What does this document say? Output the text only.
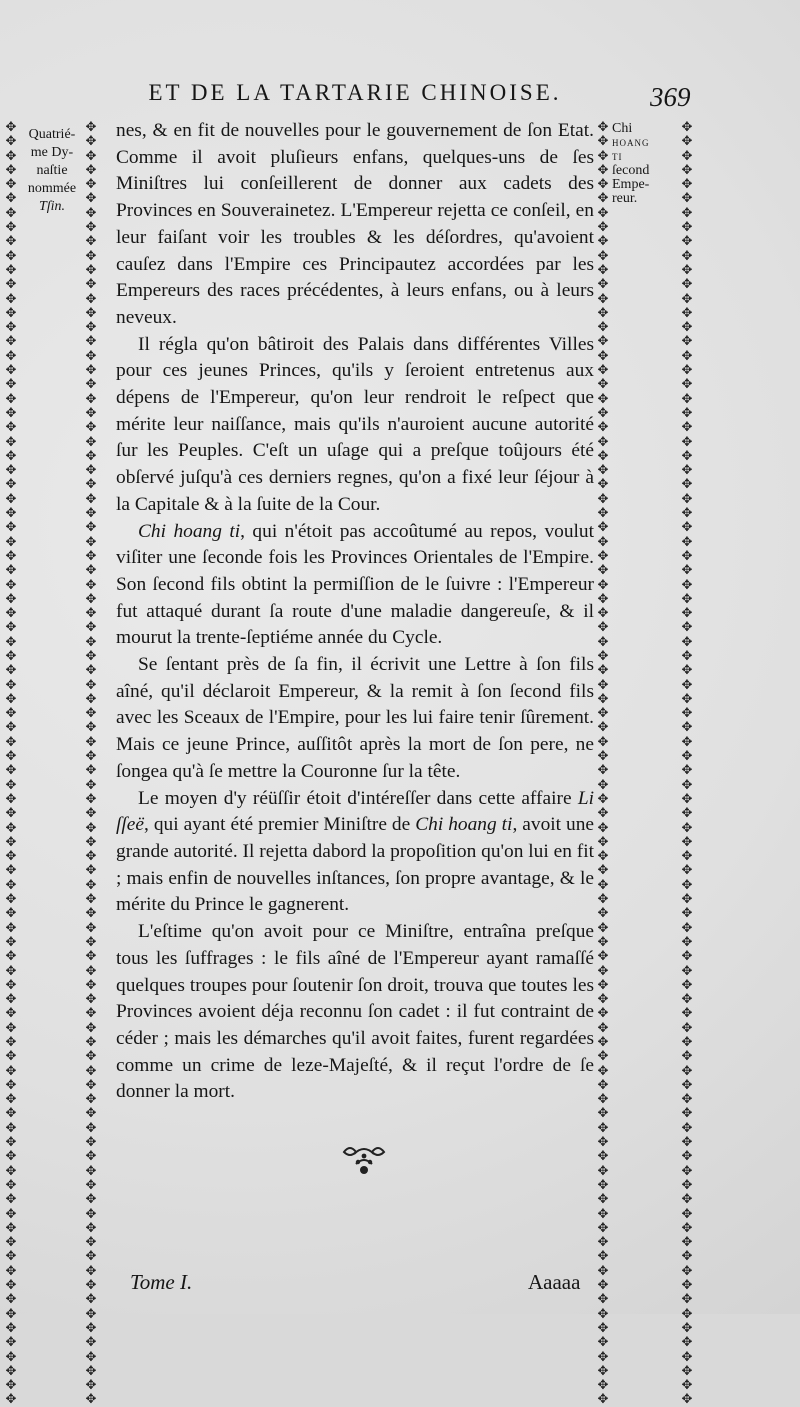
ET DE LA TARTARIE CHINOISE.	369
✥ ✥ ✥ ✥ ✥ ✥ ✥ ✥ ✥ ✥ ✥ ✥ ✥ ✥ ✥ ✥ ✥ ✥ ✥ ✥ ✥ ✥ ✥ ✥ ✥ ✥ ✥ ✥ ✥ ✥ ✥ ✥ ✥ ✥ ✥ ✥ ✥ ✥ ✥ ✥ ✥ ✥ ✥ ✥ ✥ ✥ ✥ ✥ ✥ ✥ ✥ ✥ ✥ ✥ ✥ ✥ ✥ ✥ ✥ ✥ ✥ ✥ ✥ ✥ ✥ ✥ ✥ ✥ ✥ ✥ ✥ ✥ ✥ ✥ ✥ ✥ ✥ ✥ ✥ ✥ ✥ ✥ ✥ ✥ ✥ ✥ ✥ ✥ ✥ ✥
✥ ✥ ✥ ✥ ✥ ✥ ✥ ✥ ✥ ✥ ✥ ✥ ✥ ✥ ✥ ✥ ✥ ✥ ✥ ✥ ✥ ✥ ✥ ✥ ✥ ✥ ✥ ✥ ✥ ✥ ✥ ✥ ✥ ✥ ✥ ✥ ✥ ✥ ✥ ✥ ✥ ✥ ✥ ✥ ✥ ✥ ✥ ✥ ✥ ✥ ✥ ✥ ✥ ✥ ✥ ✥ ✥ ✥ ✥ ✥ ✥ ✥ ✥ ✥ ✥ ✥ ✥ ✥ ✥ ✥ ✥ ✥ ✥ ✥ ✥ ✥ ✥ ✥ ✥ ✥ ✥ ✥ ✥ ✥ ✥ ✥ ✥ ✥ ✥ ✥
✥ ✥ ✥ ✥ ✥ ✥ ✥ ✥ ✥ ✥ ✥ ✥ ✥ ✥ ✥ ✥ ✥ ✥ ✥ ✥ ✥ ✥ ✥ ✥ ✥ ✥ ✥ ✥ ✥ ✥ ✥ ✥ ✥ ✥ ✥ ✥ ✥ ✥ ✥ ✥ ✥ ✥ ✥ ✥ ✥ ✥ ✥ ✥ ✥ ✥ ✥ ✥ ✥ ✥ ✥ ✥ ✥ ✥ ✥ ✥ ✥ ✥ ✥ ✥ ✥ ✥ ✥ ✥ ✥ ✥ ✥ ✥ ✥ ✥ ✥ ✥ ✥ ✥ ✥ ✥ ✥ ✥ ✥ ✥ ✥ ✥ ✥ ✥ ✥ ✥
✥ ✥ ✥ ✥ ✥ ✥ ✥ ✥ ✥ ✥ ✥ ✥ ✥ ✥ ✥ ✥ ✥ ✥ ✥ ✥ ✥ ✥ ✥ ✥ ✥ ✥ ✥ ✥ ✥ ✥ ✥ ✥ ✥ ✥ ✥ ✥ ✥ ✥ ✥ ✥ ✥ ✥ ✥ ✥ ✥ ✥ ✥ ✥ ✥ ✥ ✥ ✥ ✥ ✥ ✥ ✥ ✥ ✥ ✥ ✥ ✥ ✥ ✥ ✥ ✥ ✥ ✥ ✥ ✥ ✥ ✥ ✥ ✥ ✥ ✥ ✥ ✥ ✥ ✥ ✥ ✥ ✥ ✥ ✥ ✥ ✥ ✥ ✥ ✥ ✥
Quatrié-
me Dy-
naſtie
nommée
Tſin.
Chi
HOANG
TI
ſecond
Empe-
reur.

nes, & en fit de nouvelles pour le gouvernement de ſon Etat. Comme il avoit pluſieurs enfans, quelques-uns de ſes Miniſtres lui conſeillerent de donner aux cadets des Provinces en Souverainetez. L'Empereur rejetta ce conſeil, en leur faiſant voir les troubles & les déſordres, qu'avoient cauſez dans l'Empire ces Principautez accordées par les Empereurs des races précédentes, à leurs enfans, ou à leurs neveux.

Il régla qu'on bâtiroit des Palais dans différentes Villes pour ces jeunes Princes, qu'ils y ſeroient entretenus aux dépens de l'Empereur, qu'on leur rendroit le reſpect que mérite leur naiſſance, mais qu'ils n'auroient aucune autorité ſur les Peuples. C'eſt un uſage qui a preſque toûjours été obſervé juſqu'à ces derniers regnes, qu'on a fixé leur ſéjour à la Capitale & à la ſuite de la Cour.

Chi hoang ti, qui n'étoit pas accoûtumé au repos, voulut viſiter une ſeconde fois les Provinces Orientales de l'Empire. Son ſecond fils obtint la permiſſion de le ſuivre : l'Empereur fut attaqué durant ſa route d'une maladie dangereuſe, & il mourut la trente-ſeptiéme année du Cycle.

Se ſentant près de ſa fin, il écrivit une Lettre à ſon fils aîné, qu'il déclaroit Empereur, & la remit à ſon ſecond fils avec les Sceaux de l'Empire, pour les lui faire tenir ſûrement. Mais ce jeune Prince, auſſitôt après la mort de ſon pere, ne ſongea qu'à ſe mettre la Couronne ſur la tête.

Le moyen d'y réüſſir étoit d'intéreſſer dans cette affaire Li ſſeë, qui ayant été premier Miniſtre de Chi hoang ti, avoit une grande autorité. Il rejetta dabord la propoſition qu'on lui en fit ; mais enfin de nouvelles inſtances, ſon propre avantage, & le mérite du Prince le gagnerent.

L'eſtime qu'on avoit pour ce Miniſtre, entraîna preſque tous les ſuffrages : le fils aîné de l'Empereur ayant ramaſſé quelques troupes pour ſoutenir ſon droit, trouva que toutes les Provinces avoient déja reconnu ſon cadet : il fut contraint de céder ; mais les démarches qu'il avoit faites, furent regardées comme un crime de leze-Majeſté, & il reçut l'ordre de ſe donner la mort.

Tome I.	Aaaaa
